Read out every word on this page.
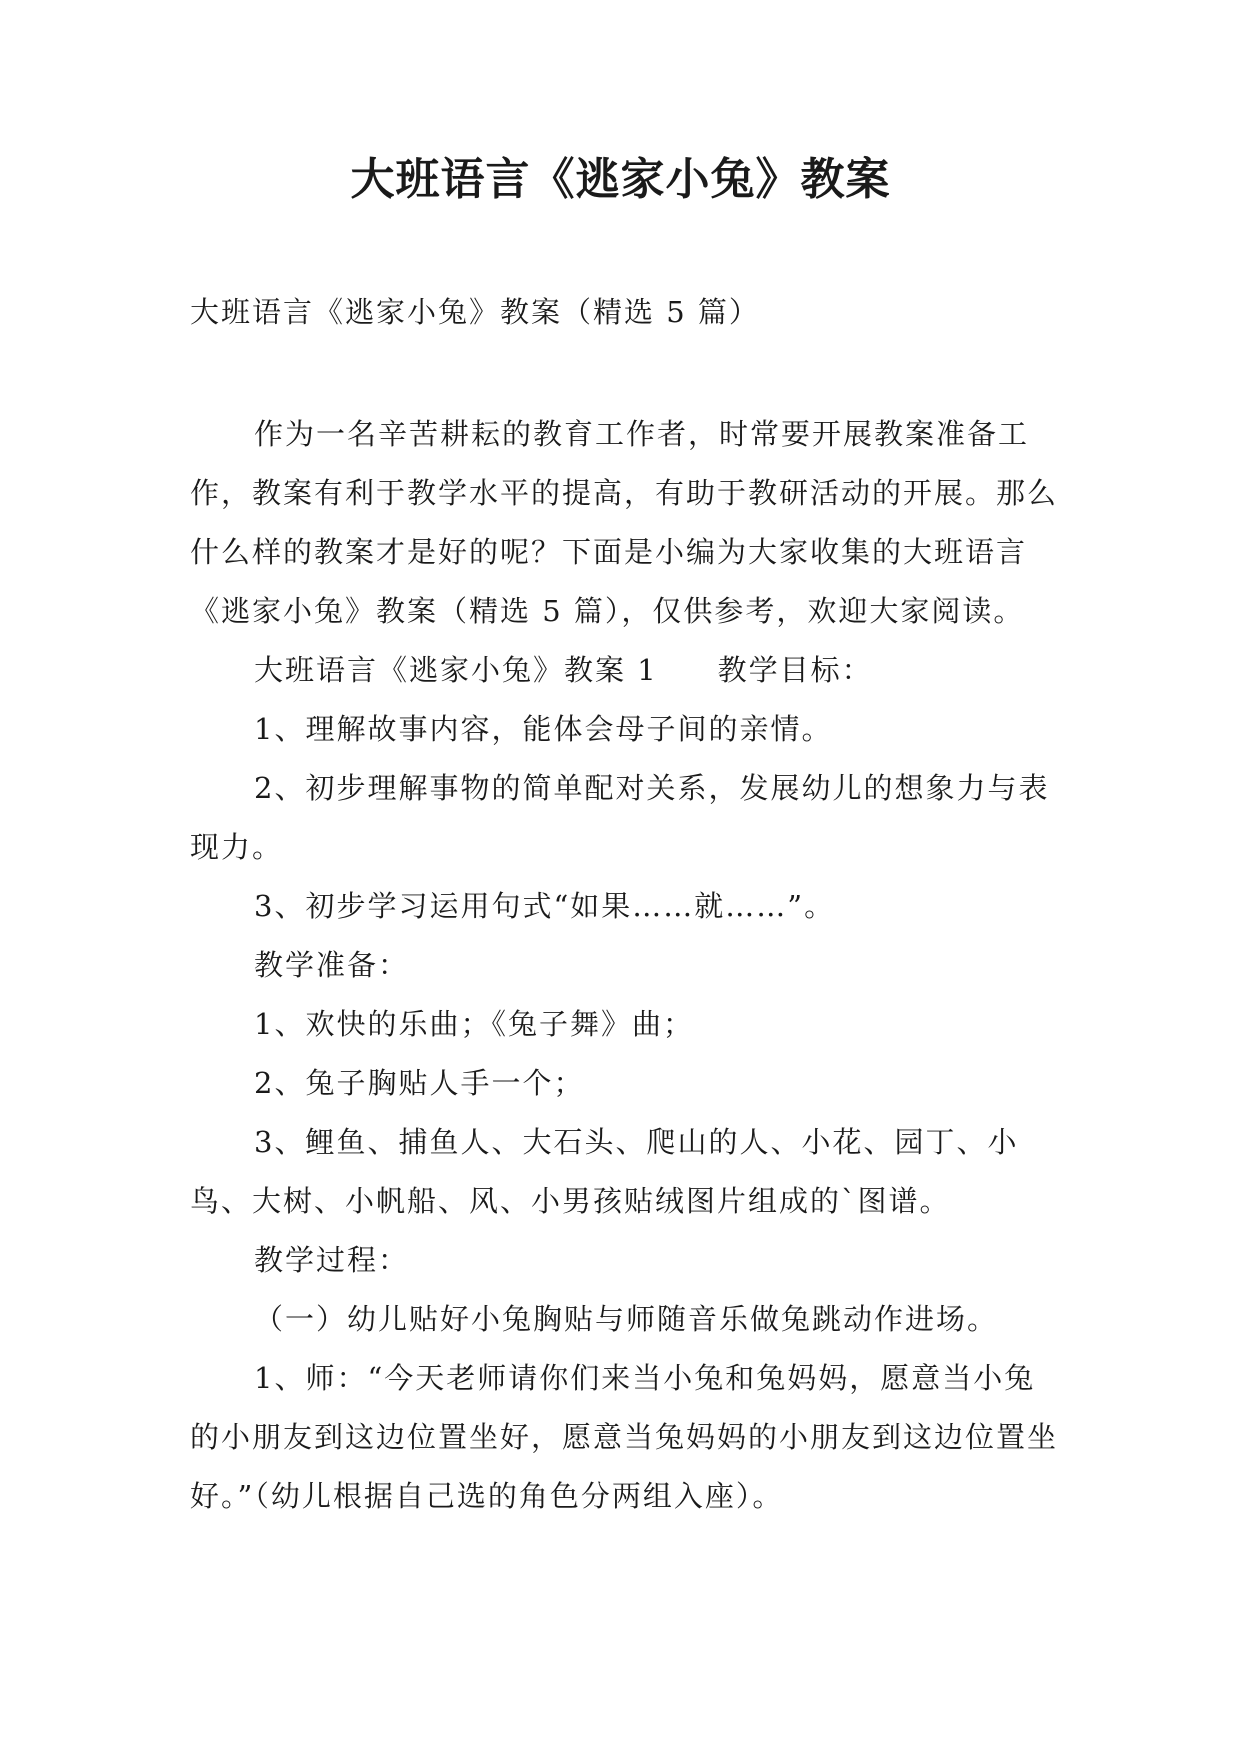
大班语言《逃家小兔》教案
大班语言《逃家小兔》教案（精选 5 篇）

作为一名辛苦耕耘的教育工作者，时常要开展教案准备工作，教案有利于教学水平的提高，有助于教研活动的开展。那么什么样的教案才是好的呢？下面是小编为大家收集的大班语言《逃家小兔》教案（精选 5 篇），仅供参考，欢迎大家阅读。

大班语言《逃家小兔》教案 1 教学目标：

1、理解故事内容，能体会母子间的亲情。

2、初步理解事物的简单配对关系，发展幼儿的想象力与表现力。

3、初步学习运用句式“如果……就……”。

教学准备：

1、欢快的乐曲；《兔子舞》曲；

2、兔子胸贴人手一个；

3、鲤鱼、捕鱼人、大石头、爬山的人、小花、园丁、小鸟、大树、小帆船、风、小男孩贴绒图片组成的`图谱。

教学过程：

（一）幼儿贴好小兔胸贴与师随音乐做兔跳动作进场。

1、师：“今天老师请你们来当小兔和兔妈妈，愿意当小兔的小朋友到这边位置坐好，愿意当兔妈妈的小朋友到这边位置坐好。”（幼儿根据自己选的角色分两组入座）。
